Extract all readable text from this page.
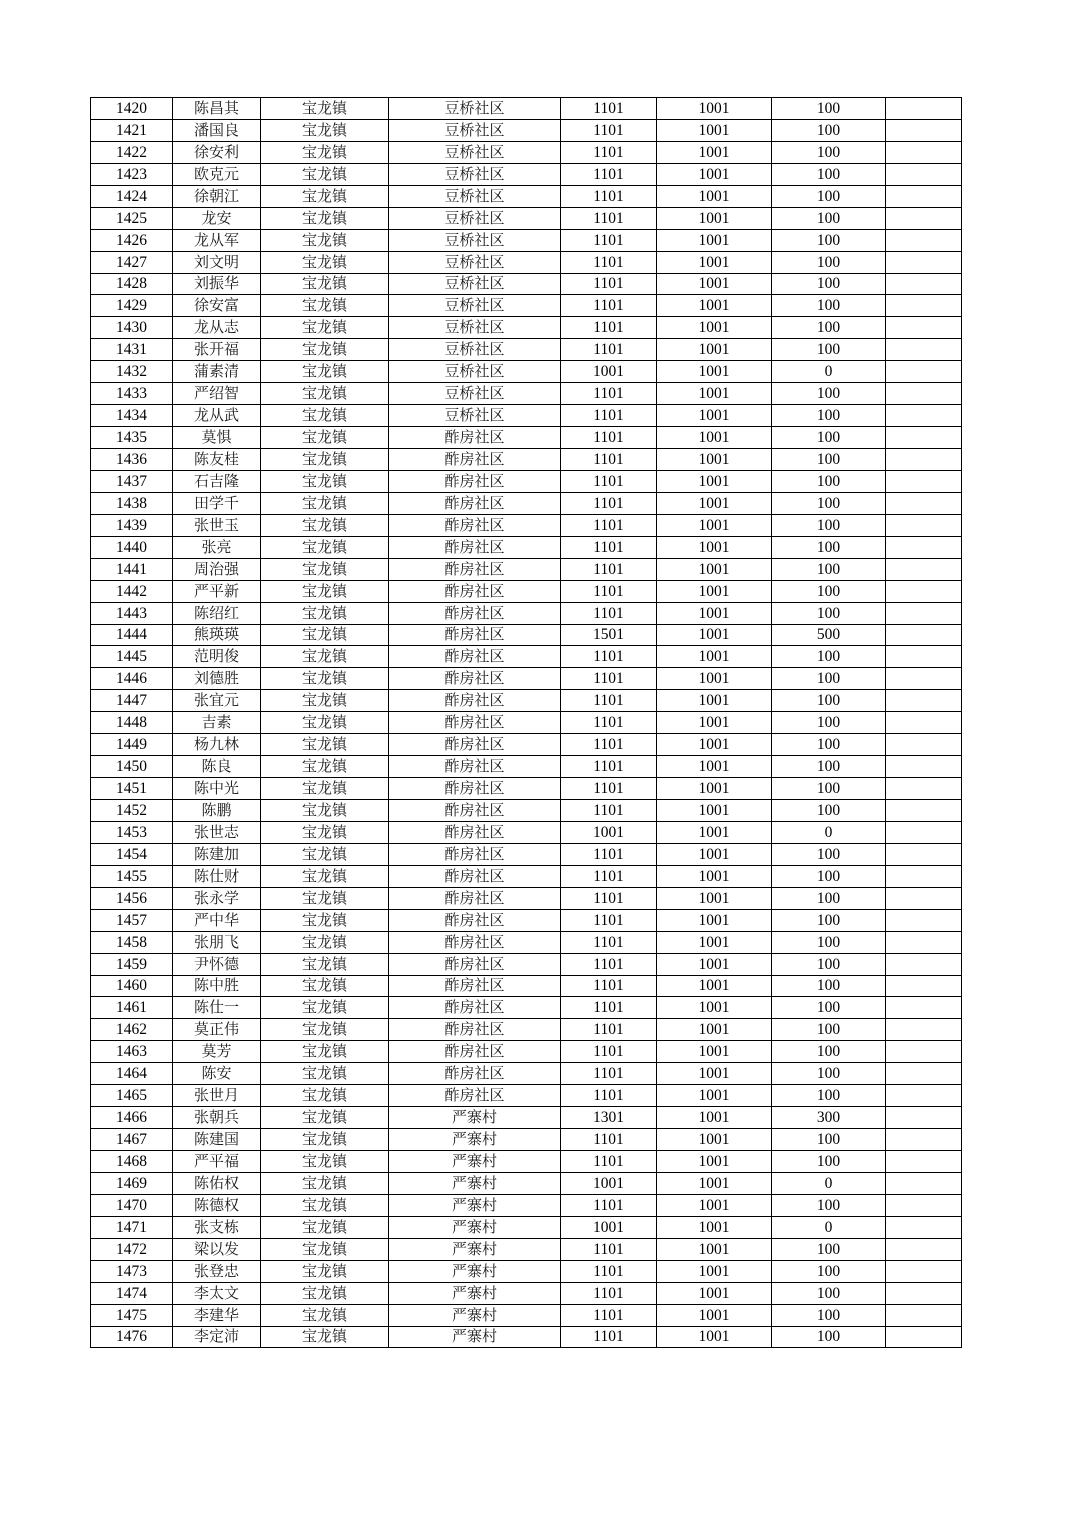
1420	陈昌其	宝龙镇	豆桥社区	1101	1001	100	
1421	潘国良	宝龙镇	豆桥社区	1101	1001	100	
1422	徐安利	宝龙镇	豆桥社区	1101	1001	100	
1423	欧克元	宝龙镇	豆桥社区	1101	1001	100	
1424	徐朝江	宝龙镇	豆桥社区	1101	1001	100	
1425	龙安	宝龙镇	豆桥社区	1101	1001	100	
1426	龙从军	宝龙镇	豆桥社区	1101	1001	100	
1427	刘文明	宝龙镇	豆桥社区	1101	1001	100	
1428	刘振华	宝龙镇	豆桥社区	1101	1001	100	
1429	徐安富	宝龙镇	豆桥社区	1101	1001	100	
1430	龙从志	宝龙镇	豆桥社区	1101	1001	100	
1431	张开福	宝龙镇	豆桥社区	1101	1001	100	
1432	蒲素清	宝龙镇	豆桥社区	1001	1001	0	
1433	严绍智	宝龙镇	豆桥社区	1101	1001	100	
1434	龙从武	宝龙镇	豆桥社区	1101	1001	100	
1435	莫惧	宝龙镇	酢房社区	1101	1001	100	
1436	陈友桂	宝龙镇	酢房社区	1101	1001	100	
1437	石吉隆	宝龙镇	酢房社区	1101	1001	100	
1438	田学千	宝龙镇	酢房社区	1101	1001	100	
1439	张世玉	宝龙镇	酢房社区	1101	1001	100	
1440	张亮	宝龙镇	酢房社区	1101	1001	100	
1441	周治强	宝龙镇	酢房社区	1101	1001	100	
1442	严平新	宝龙镇	酢房社区	1101	1001	100	
1443	陈绍红	宝龙镇	酢房社区	1101	1001	100	
1444	熊瑛瑛	宝龙镇	酢房社区	1501	1001	500	
1445	范明俊	宝龙镇	酢房社区	1101	1001	100	
1446	刘德胜	宝龙镇	酢房社区	1101	1001	100	
1447	张宜元	宝龙镇	酢房社区	1101	1001	100	
1448	吉素	宝龙镇	酢房社区	1101	1001	100	
1449	杨九林	宝龙镇	酢房社区	1101	1001	100	
1450	陈良	宝龙镇	酢房社区	1101	1001	100	
1451	陈中光	宝龙镇	酢房社区	1101	1001	100	
1452	陈鹏	宝龙镇	酢房社区	1101	1001	100	
1453	张世志	宝龙镇	酢房社区	1001	1001	0	
1454	陈建加	宝龙镇	酢房社区	1101	1001	100	
1455	陈仕财	宝龙镇	酢房社区	1101	1001	100	
1456	张永学	宝龙镇	酢房社区	1101	1001	100	
1457	严中华	宝龙镇	酢房社区	1101	1001	100	
1458	张朋飞	宝龙镇	酢房社区	1101	1001	100	
1459	尹怀德	宝龙镇	酢房社区	1101	1001	100	
1460	陈中胜	宝龙镇	酢房社区	1101	1001	100	
1461	陈仕一	宝龙镇	酢房社区	1101	1001	100	
1462	莫正伟	宝龙镇	酢房社区	1101	1001	100	
1463	莫芳	宝龙镇	酢房社区	1101	1001	100	
1464	陈安	宝龙镇	酢房社区	1101	1001	100	
1465	张世月	宝龙镇	酢房社区	1101	1001	100	
1466	张朝兵	宝龙镇	严寨村	1301	1001	300	
1467	陈建国	宝龙镇	严寨村	1101	1001	100	
1468	严平福	宝龙镇	严寨村	1101	1001	100	
1469	陈佑权	宝龙镇	严寨村	1001	1001	0	
1470	陈德权	宝龙镇	严寨村	1101	1001	100	
1471	张支栋	宝龙镇	严寨村	1001	1001	0	
1472	梁以发	宝龙镇	严寨村	1101	1001	100	
1473	张登忠	宝龙镇	严寨村	1101	1001	100	
1474	李太文	宝龙镇	严寨村	1101	1001	100	
1475	李建华	宝龙镇	严寨村	1101	1001	100	
1476	李定沛	宝龙镇	严寨村	1101	1001	100	
